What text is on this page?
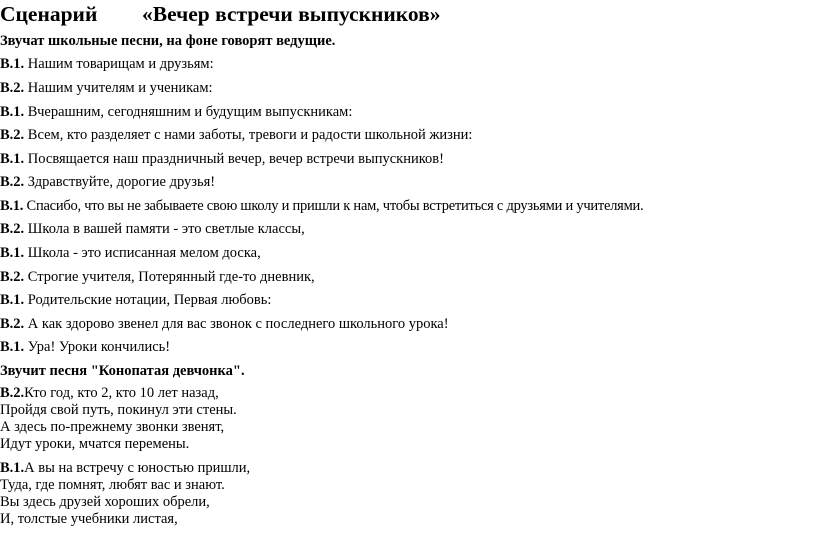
Сценарий «Вечер встречи выпускников»
Звучат школьные песни, на фоне говорят ведущие.
В.1. Нашим товарищам и друзьям:
В.2. Нашим учителям и ученикам:
В.1. Вчерашним, сегодняшним и будущим выпускникам:
В.2. Всем, кто разделяет с нами заботы, тревоги и радости школьной жизни:
В.1. Посвящается наш праздничный вечер, вечер встречи выпускников!
В.2. Здравствуйте, дорогие друзья!
В.1. Спасибо, что вы не забываете свою школу и пришли к нам, чтобы встретиться с друзьями и учителями.
В.2. Школа в вашей памяти - это светлые классы,
В.1. Школа - это исписанная мелом доска,
В.2. Строгие учителя, Потерянный где-то дневник,
В.1. Родительские нотации, Первая любовь:
В.2. А как здорово звенел для вас звонок с последнего школьного урока!
В.1. Ура! Уроки кончились!
Звучит песня "Конопатая девчонка".
В.2.Кто год, кто 2, кто 10 лет назад,
Пройдя свой путь, покинул эти стены.
А здесь по-прежнему звонки звенят,
Идут уроки, мчатся перемены.
В.1.А вы на встречу с юностью пришли,
Туда, где помнят, любят вас и знают.
Вы здесь друзей хороших обрели,
И, толстые учебники листая,
